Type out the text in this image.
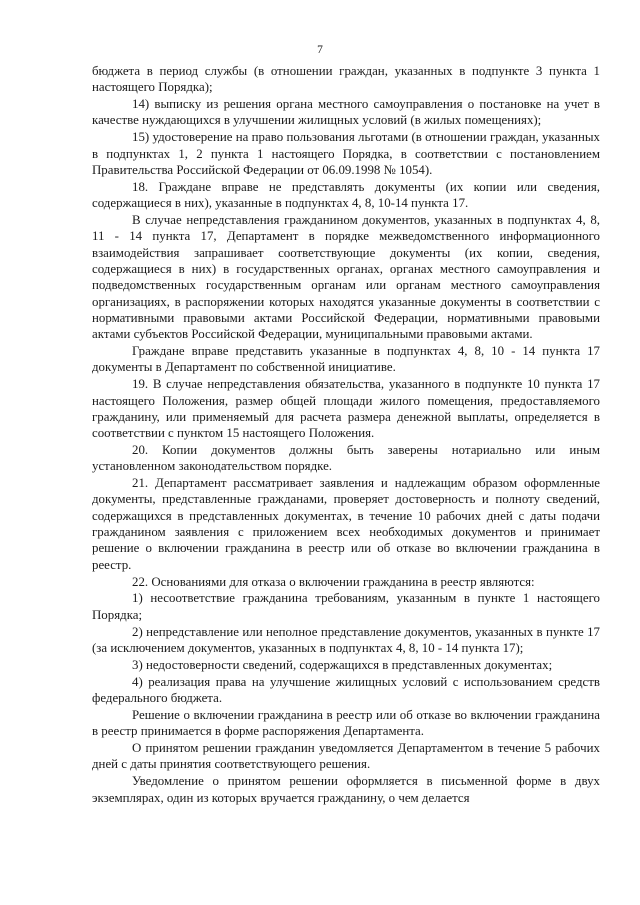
7

бюджета в период службы (в отношении граждан, указанных в подпункте 3 пункта 1 настоящего Порядка);

14) выписку из решения органа местного самоуправления о постановке на учет в качестве нуждающихся в улучшении жилищных условий (в жилых помещениях);

15) удостоверение на право пользования льготами (в отношении граждан, указанных в подпунктах 1, 2 пункта 1 настоящего Порядка, в соответствии с постановлением Правительства Российской Федерации от 06.09.1998 № 1054).

18. Граждане вправе не представлять документы (их копии или сведения, содержащиеся в них), указанные в подпунктах 4, 8, 10-14 пункта 17.

В случае непредставления гражданином документов, указанных в подпунктах 4, 8, 11 - 14 пункта 17, Департамент в порядке межведомственного информационного взаимодействия запрашивает соответствующие документы (их копии, сведения, содержащиеся в них) в государственных органах, органах местного самоуправления и подведомственных государственным органам или органам местного самоуправления организациях, в распоряжении которых находятся указанные документы в соответствии с нормативными правовыми актами Российской Федерации, нормативными правовыми актами субъектов Российской Федерации, муниципальными правовыми актами.

Граждане вправе представить указанные в подпунктах 4, 8, 10 - 14 пункта 17 документы в Департамент по собственной инициативе.

19. В случае непредставления обязательства, указанного в подпункте 10 пункта 17 настоящего Положения, размер общей площади жилого помещения, предоставляемого гражданину, или применяемый для расчета размера денежной выплаты, определяется в соответствии с пунктом 15 настоящего Положения.

20. Копии документов должны быть заверены нотариально или иным установленном законодательством порядке.

21. Департамент рассматривает заявления и надлежащим образом оформленные документы, представленные гражданами, проверяет достоверность и полноту сведений, содержащихся в представленных документах, в течение 10 рабочих дней с даты подачи гражданином заявления с приложением всех необходимых документов и принимает решение о включении гражданина в реестр или об отказе во включении гражданина в реестр.

22. Основаниями для отказа о включении гражданина в реестр являются:

1) несоответствие гражданина требованиям, указанным в пункте 1 настоящего Порядка;

2) непредставление или неполное представление документов, указанных в пункте 17 (за исключением документов, указанных в подпунктах 4, 8, 10 - 14 пункта 17);

3) недостоверности сведений, содержащихся в представленных документах;

4) реализация права на улучшение жилищных условий с использованием средств федерального бюджета.

Решение о включении гражданина в реестр или об отказе во включении гражданина в реестр принимается в форме распоряжения Департамента.

О принятом решении гражданин уведомляется Департаментом в течение 5 рабочих дней с даты принятия соответствующего решения.

Уведомление о принятом решении оформляется в письменной форме в двух экземплярах, один из которых вручается гражданину, о чем делается
